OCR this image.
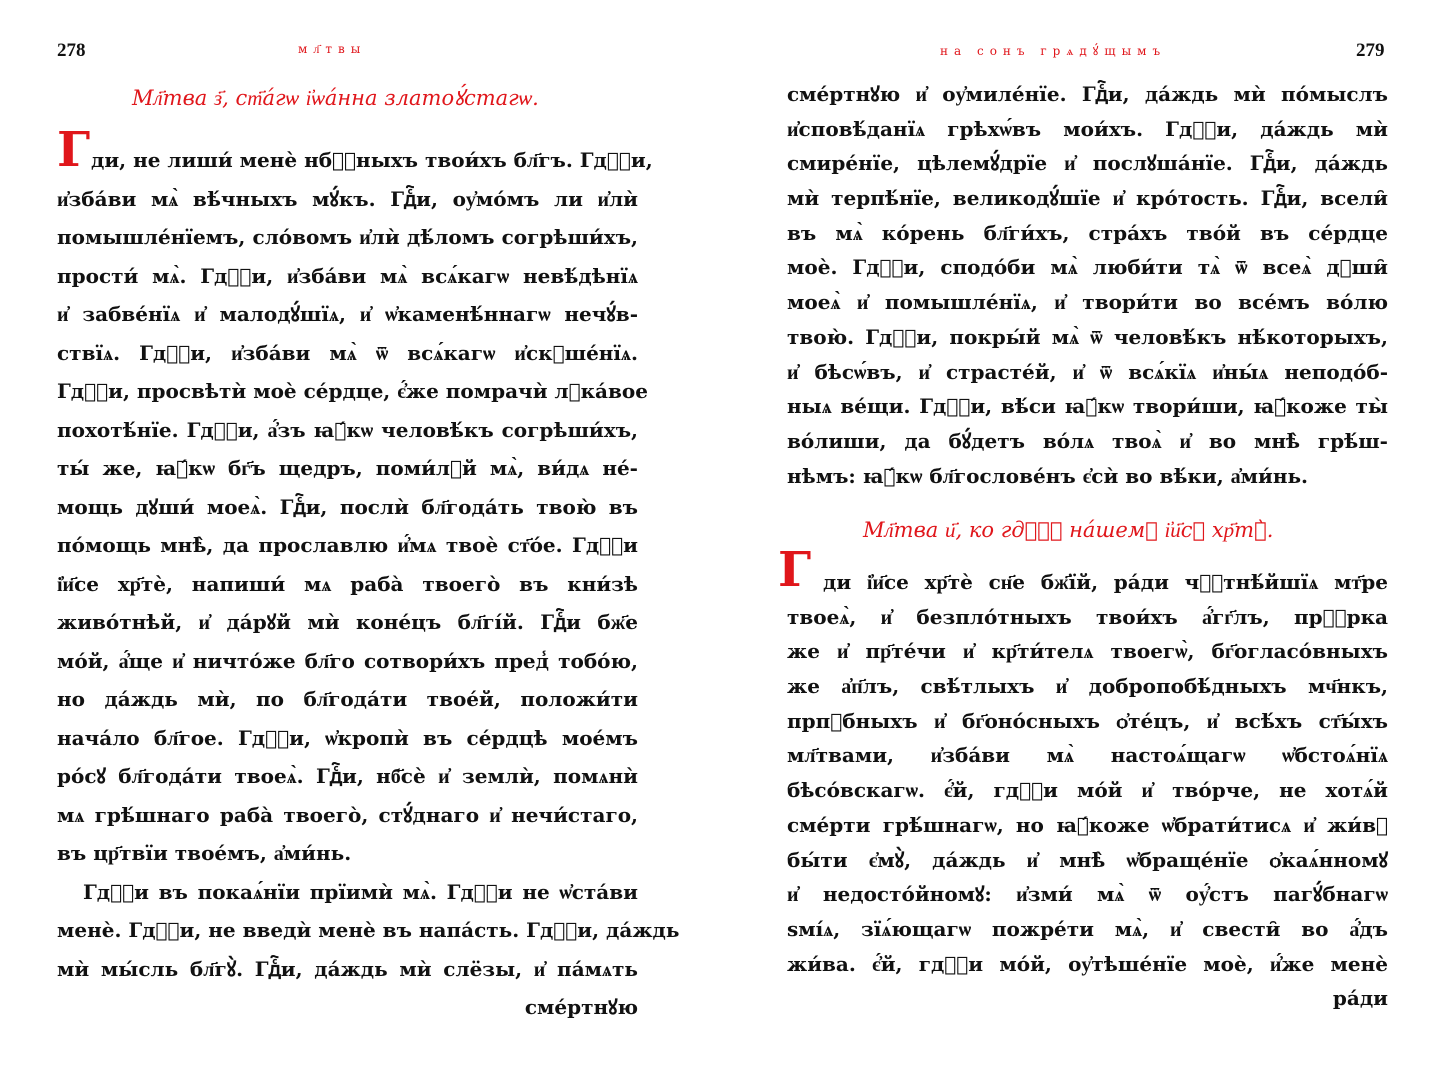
278	мл҃твы
Мл҃тва з҃, ст҃а́гѡ і҆ѡа́нна златоꙋ́стагѡ.
Г ди, не лиши́ менѐ нбⷭ҇ныхъ твои́хъ бл҃гъ. Гдⷭ҇и,
и҆зба́ви мѧ̀ вѣ́чныхъ мꙋ́къ. Гдⷭ҇и, оу҆мо́мъ ли и҆лѝ
помышле́нїемъ, сло́вомъ и҆лѝ дѣ́ломъ согрѣши́хъ,
прости́ мѧ̀. Гдⷭ҇и, и҆зба́ви мѧ̀ всѧ́кагѡ невѣ́дѣнїѧ
и҆ забве́нїѧ и҆ малодꙋ́шїѧ, и҆ ѡ҆каменѣ́ннагѡ нечꙋ́в-
ствїѧ. Гдⷭ҇и, и҆зба́ви мѧ̀ ѿ всѧ́кагѡ и҆скꙋше́нїѧ.
Гдⷭ҇и, просвѣтѝ моѐ се́рдце, є҆́же помрачѝ лꙋка́вое
похотѣ́нїе. Гдⷭ҇и, а҆́зъ ꙗ҆́кѡ человѣ́къ согрѣши́хъ,
ты́ же, ꙗ҆́кѡ бг҃ъ щедръ, поми́лꙋй мѧ̀, ви́дѧ не́-
мощь дꙋши́ моеѧ̀. Гдⷭ҇и, послѝ бл҃года́ть твою̀ въ
по́мощь мнѣ̀, да прославлю и҆́мѧ твоѐ ст҃о́е. Гдⷭ҇и
і҆и҃се хр҃тѐ, напиши́ мѧ раба̀ твоего̀ въ кни́зѣ
живо́тнѣй, и҆ да́рꙋй мѝ коне́цъ бл҃гі́й. Гдⷭ҇и бж҃е
мо́й, а҆́ще и҆ ничто́же бл҃го сотвори́хъ пред̾ тобо́ю,
но да́ждь мѝ, по бл҃года́ти твое́й, положи́ти
нача́ло бл҃гое. Гдⷭ҇и, ѡ҆кропѝ въ се́рдцѣ мое́мъ
ро́сꙋ бл҃года́ти твоеѧ̀. Гдⷭ҇и, нб҃сѐ и҆ землѝ, помѧнѝ
мѧ грѣ́шнаго раба̀ твоего̀, стꙋ́днаго и҆ нечи́стаго,
въ цр҃твїи твое́мъ, а҆ми́нь.
Гдⷭ҇и въ покаѧ́нїи прїимѝ мѧ̀. Гдⷭ҇и не ѡ҆ста́ви
менѐ. Гдⷭ҇и, не введѝ менѐ въ напа́сть. Гдⷭ҇и, да́ждь
мѝ мы́сль бл҃гꙋ̀. Гдⷭ҇и, да́ждь мѝ слёзы, и҆ па́мѧть
сме́ртнꙋю
на сонъ грѧдꙋ́щымъ	279
сме́ртнꙋю и҆ оу҆миле́нїе. Гдⷭ҇и, да́ждь мѝ по́мыслъ
и҆сповѣ́данїѧ грѣхѡ́въ мои́хъ. Гдⷭ҇и, да́ждь мѝ
смире́нїе, цѣлемꙋ́дрїе и҆ послꙋша́нїе. Гдⷭ҇и, да́ждь
мѝ терпѣ́нїе, великодꙋ́шїе и҆ кро́тость. Гдⷭ҇и, всели̑
въ мѧ̀ ко́рень бл҃ги́хъ, стра́хъ тво́й въ се́рдце
моѐ. Гдⷭ҇и, сподо́би мѧ̀ люби́ти тѧ̀ ѿ всеѧ̀ дꙋши̑
моеѧ̀ и҆ помышле́нїѧ, и҆ твори́ти во все́мъ во́лю
твою̀. Гдⷭ҇и, покры́й мѧ̀ ѿ человѣ́къ нѣ́которыхъ,
и҆ бѣсѡ́въ, и҆ страсте́й, и҆ ѿ всѧ́кїѧ и҆ны́ѧ неподо́б-
ныѧ ве́щи. Гдⷭ҇и, вѣ́си ꙗ҆́кѡ твори́ши, ꙗ҆́коже ты̀
во́лиши, да бꙋ́детъ во́лѧ твоѧ̀ и҆ во мнѣ̀ грѣ́ш-
нѣмъ: ꙗ҆́кѡ бл҃гослове́нъ є҆сѝ во вѣ́ки, а҆ми́нь.
Мл҃тва и҃, ко гдⷭ҇ꙋ на́шемꙋ і҆и҃сꙋ хр҃тꙋ̀.
Г ди і҆и҃се хр҃тѐ сн҃е бж҃їй, ра́ди чⷭ҇тнѣ́йшїѧ мт҃ре
твоеѧ̀, и҆ безпло́тныхъ твои́хъ а҆́гг҃лъ, прⷪ҇рка
же и҆ пр҃те́чи и҆ кр҃ти́телѧ твоегѡ̀, бг҃огласо́вныхъ
же а҆п҃лъ, свѣ́тлыхъ и҆ добропобѣ́дныхъ мч҃нкъ,
прпⷣбныхъ и҆ бг҃оно́сныхъ ѻ҆те́цъ, и҆ всѣ́хъ ст҃ы́хъ
мл҃твами, и҆зба́ви мѧ̀ настоѧ́щагѡ ѡ҆бстоѧ́нїѧ
бѣсо́вскагѡ. є҆́й, гдⷭ҇и мо́й и҆ тво́рче, не хотѧ́й
сме́рти грѣ́шнагѡ, но ꙗ҆́коже ѡ҆брати́тисѧ и҆ жи́вꙋ
бы́ти є҆мꙋ̀, да́ждь и҆ мнѣ̀ ѡ҆браще́нїе ѻ҆каѧ́нномꙋ
и҆ недосто́йномꙋ: и҆зми́ мѧ̀ ѿ оу҆́стъ пагꙋ́бнагѡ
ѕмі́ѧ, зїѧ́ющагѡ пожре́ти мѧ̀, и҆ свести̑ во а҆́дъ
жи́ва. є҆́й, гдⷭ҇и мо́й, оу҆тѣше́нїе моѐ, и҆́же менѐ
ра́ди
